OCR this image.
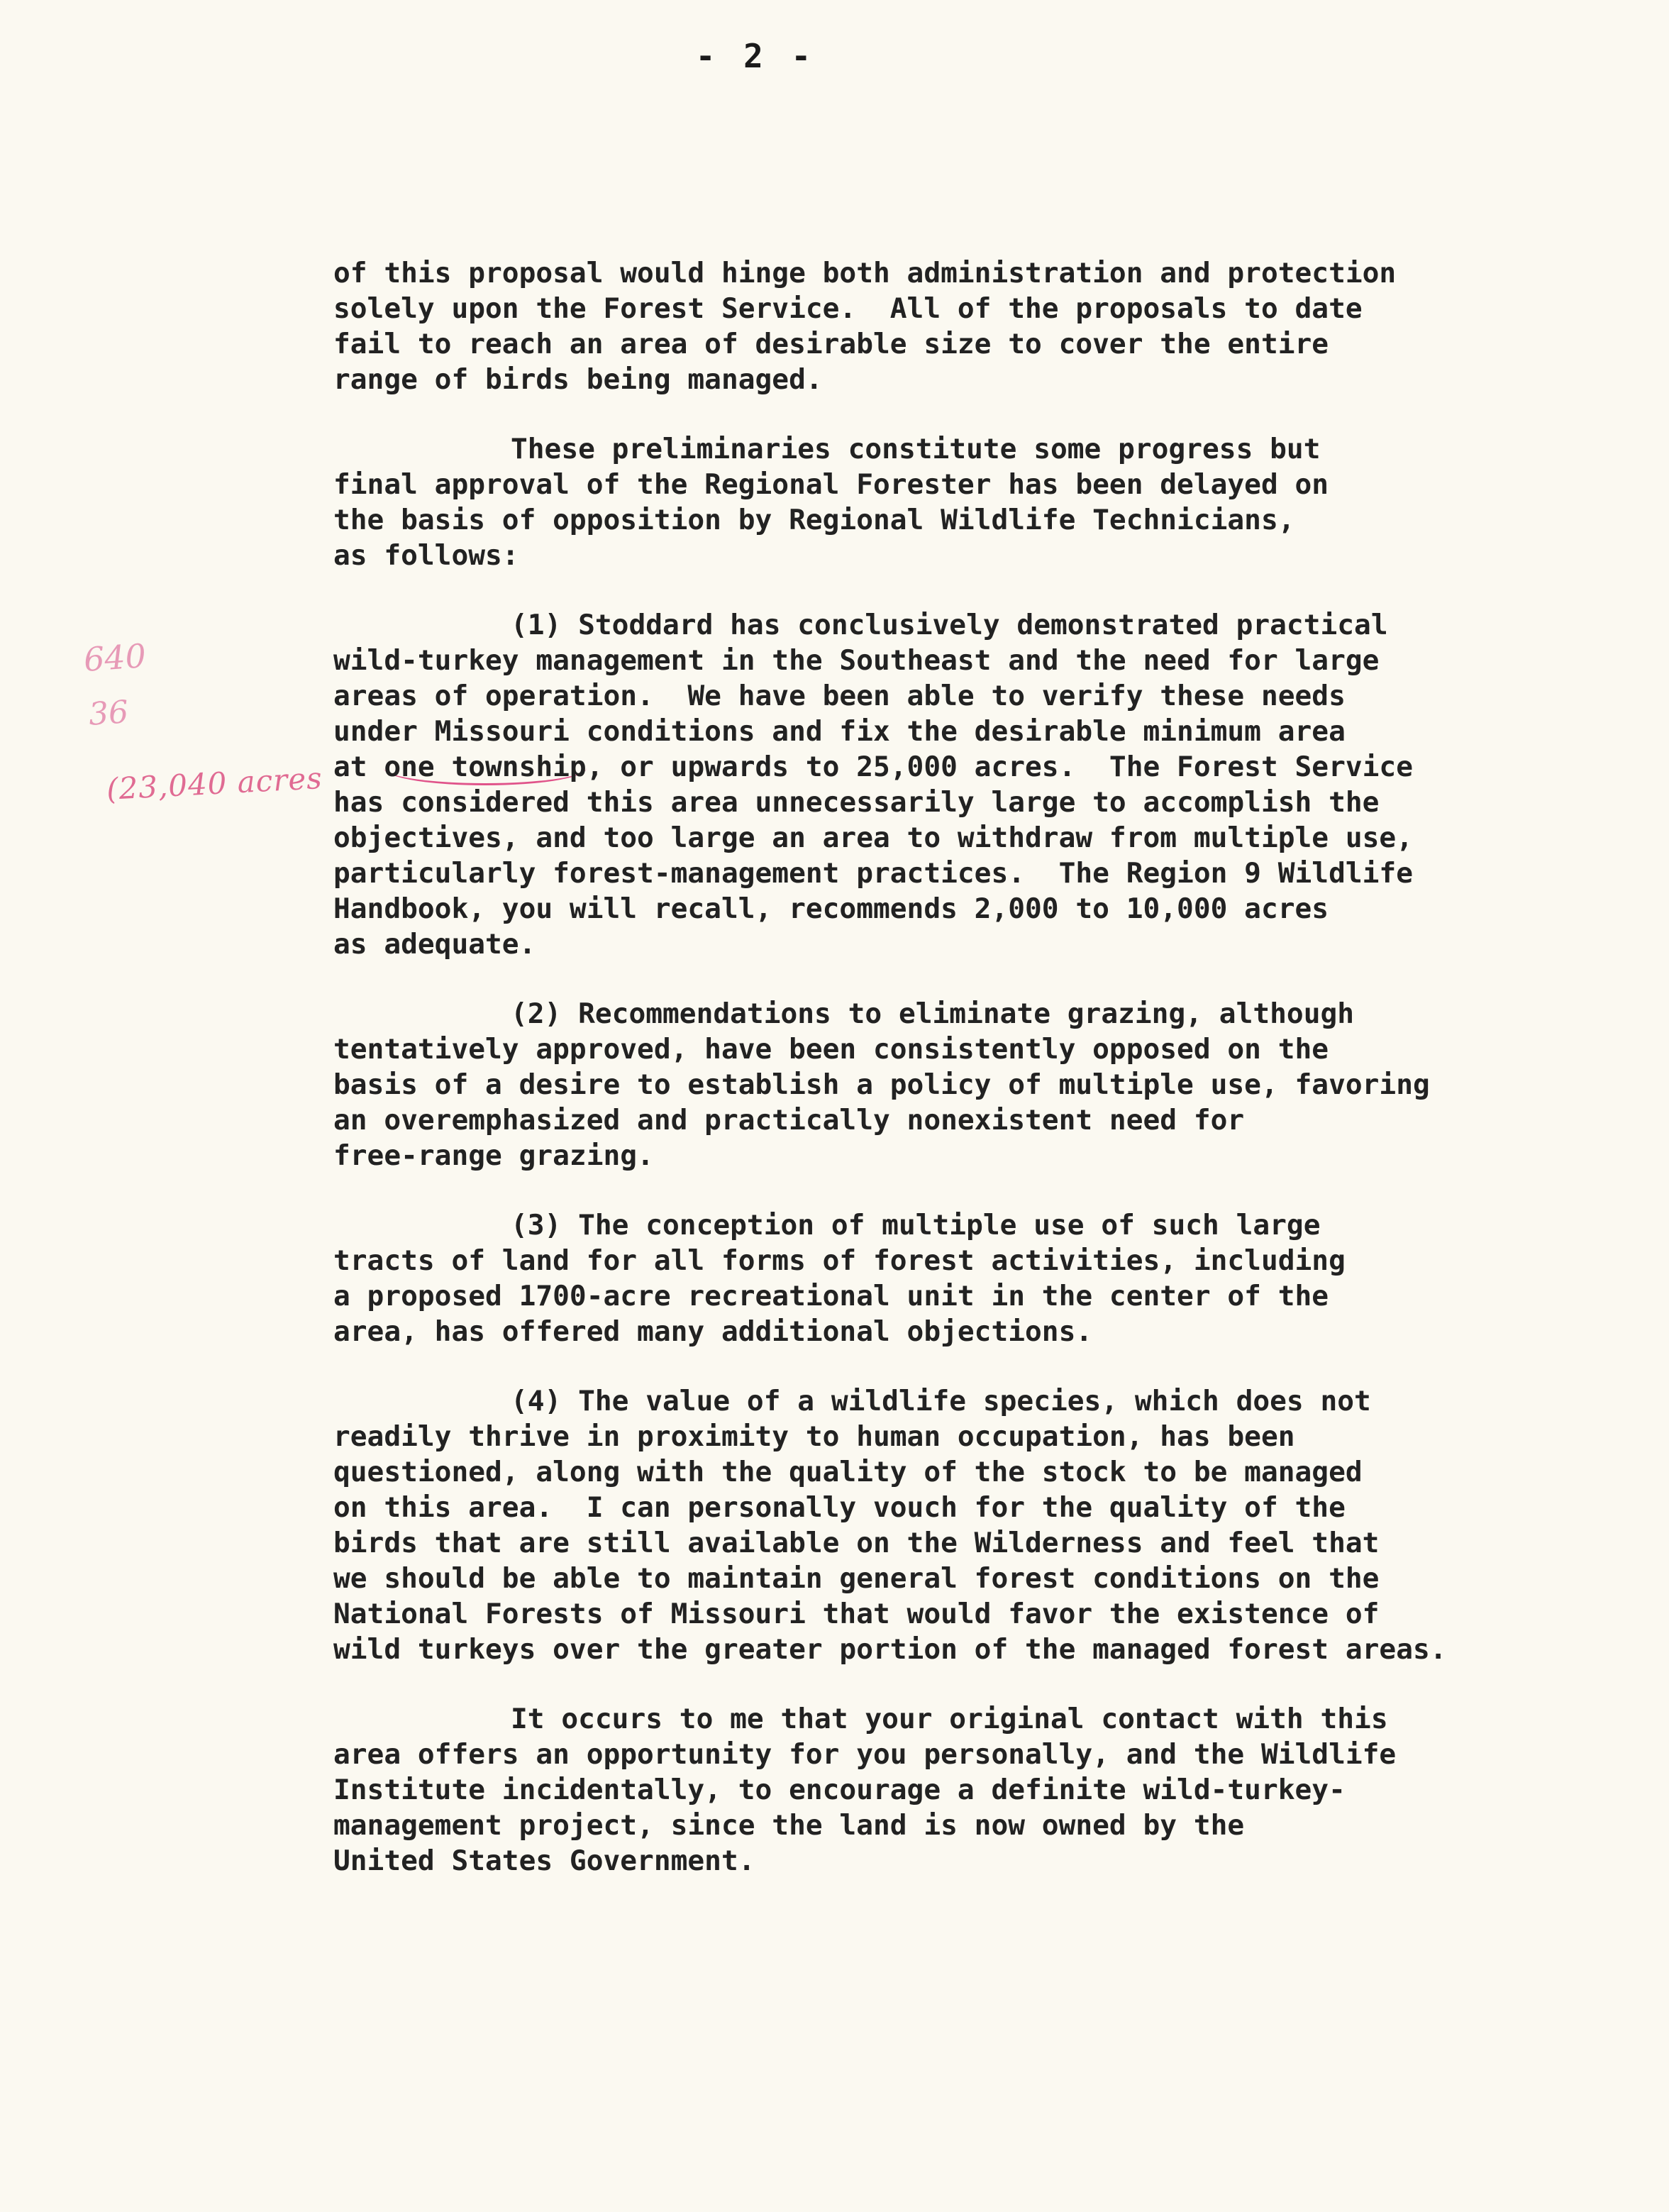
- 2 -
640
36
(23,040 acres
of this proposal would hinge both administration and protection
solely upon the Forest Service.  All of the proposals to date
fail to reach an area of desirable size to cover the entire
range of birds being managed.
These preliminaries constitute some progress but
final approval of the Regional Forester has been delayed on
the basis of opposition by Regional Wildlife Technicians,
as follows:
(1) Stoddard has conclusively demonstrated practical
wild-turkey management in the Southeast and the need for large
areas of operation.  We have been able to verify these needs
under Missouri conditions and fix the desirable minimum area
at one township, or upwards to 25,000 acres.  The Forest Service
has considered this area unnecessarily large to accomplish the
objectives, and too large an area to withdraw from multiple use,
particularly forest-management practices.  The Region 9 Wildlife
Handbook, you will recall, recommends 2,000 to 10,000 acres
as adequate.
(2) Recommendations to eliminate grazing, although
tentatively approved, have been consistently opposed on the
basis of a desire to establish a policy of multiple use, favoring
an overemphasized and practically nonexistent need for
free-range grazing.
(3) The conception of multiple use of such large
tracts of land for all forms of forest activities, including
a proposed 1700-acre recreational unit in the center of the
area, has offered many additional objections.
(4) The value of a wildlife species, which does not
readily thrive in proximity to human occupation, has been
questioned, along with the quality of the stock to be managed
on this area.  I can personally vouch for the quality of the
birds that are still available on the Wilderness and feel that
we should be able to maintain general forest conditions on the
National Forests of Missouri that would favor the existence of
wild turkeys over the greater portion of the managed forest areas.
It occurs to me that your original contact with this
area offers an opportunity for you personally, and the Wildlife
Institute incidentally, to encourage a definite wild-turkey-
management project, since the land is now owned by the
United States Government.
